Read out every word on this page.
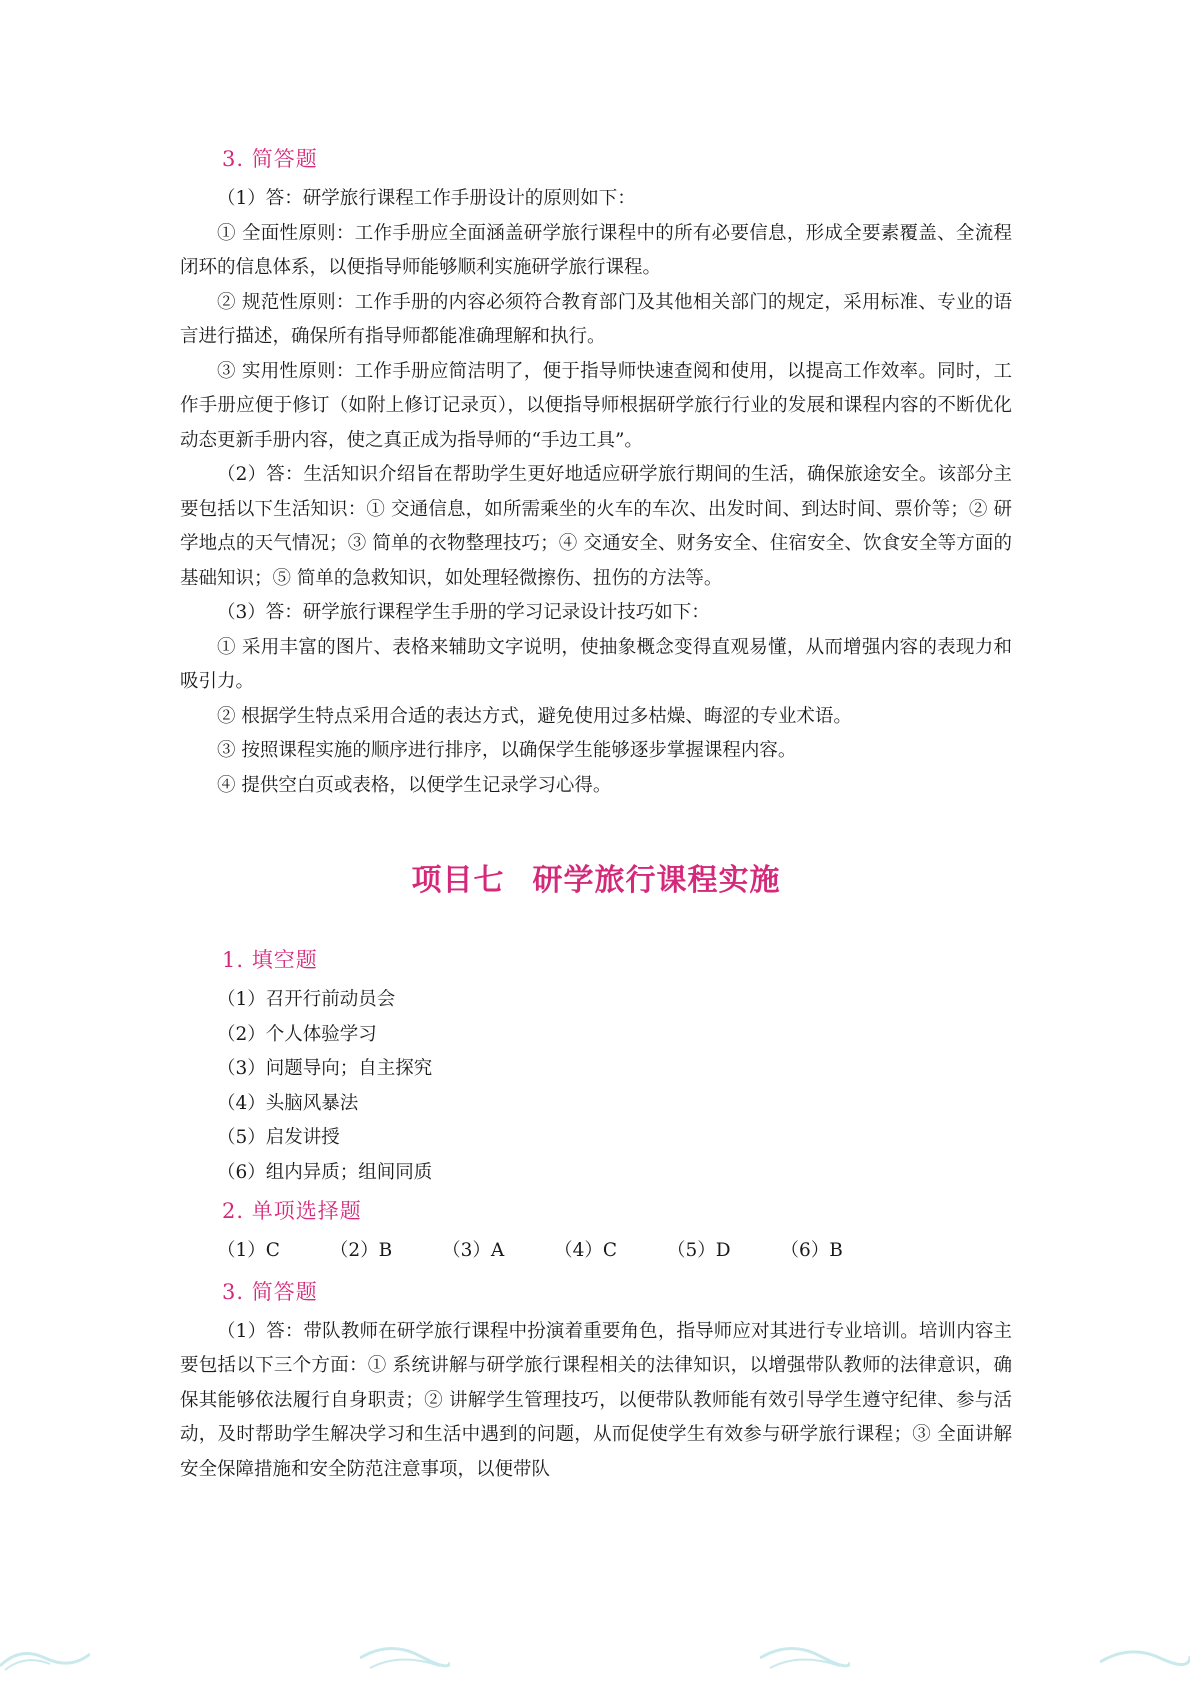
3. 简答题

（1）答：研学旅行课程工作手册设计的原则如下：

① 全面性原则：工作手册应全面涵盖研学旅行课程中的所有必要信息，形成全要素覆盖、全流程闭环的信息体系，以便指导师能够顺利实施研学旅行课程。

② 规范性原则：工作手册的内容必须符合教育部门及其他相关部门的规定，采用标准、专业的语言进行描述，确保所有指导师都能准确理解和执行。

③ 实用性原则：工作手册应简洁明了，便于指导师快速查阅和使用，以提高工作效率。同时，工作手册应便于修订（如附上修订记录页），以便指导师根据研学旅行行业的发展和课程内容的不断优化动态更新手册内容，使之真正成为指导师的“手边工具”。

（2）答：生活知识介绍旨在帮助学生更好地适应研学旅行期间的生活，确保旅途安全。该部分主要包括以下生活知识：① 交通信息，如所需乘坐的火车的车次、出发时间、到达时间、票价等；② 研学地点的天气情况；③ 简单的衣物整理技巧；④ 交通安全、财务安全、住宿安全、饮食安全等方面的基础知识；⑤ 简单的急救知识，如处理轻微擦伤、扭伤的方法等。

（3）答：研学旅行课程学生手册的学习记录设计技巧如下：

① 采用丰富的图片、表格来辅助文字说明，使抽象概念变得直观易懂，从而增强内容的表现力和吸引力。

② 根据学生特点采用合适的表达方式，避免使用过多枯燥、晦涩的专业术语。

③ 按照课程实施的顺序进行排序，以确保学生能够逐步掌握课程内容。

④ 提供空白页或表格，以便学生记录学习心得。

项目七 研学旅行课程实施
1. 填空题

（1）召开行前动员会

（2）个人体验学习

（3）问题导向；自主探究

（4）头脑风暴法

（5）启发讲授

（6）组内异质；组间同质

2. 单项选择题
（1）C	（2）B	（3）A	（4）C	（5）D	（6）B
3. 简答题

（1）答：带队教师在研学旅行课程中扮演着重要角色，指导师应对其进行专业培训。培训内容主要包括以下三个方面：① 系统讲解与研学旅行课程相关的法律知识，以增强带队教师的法律意识，确保其能够依法履行自身职责；② 讲解学生管理技巧，以便带队教师能有效引导学生遵守纪律、参与活动，及时帮助学生解决学习和生活中遇到的问题，从而促使学生有效参与研学旅行课程；③ 全面讲解安全保障措施和安全防范注意事项，以便带队
